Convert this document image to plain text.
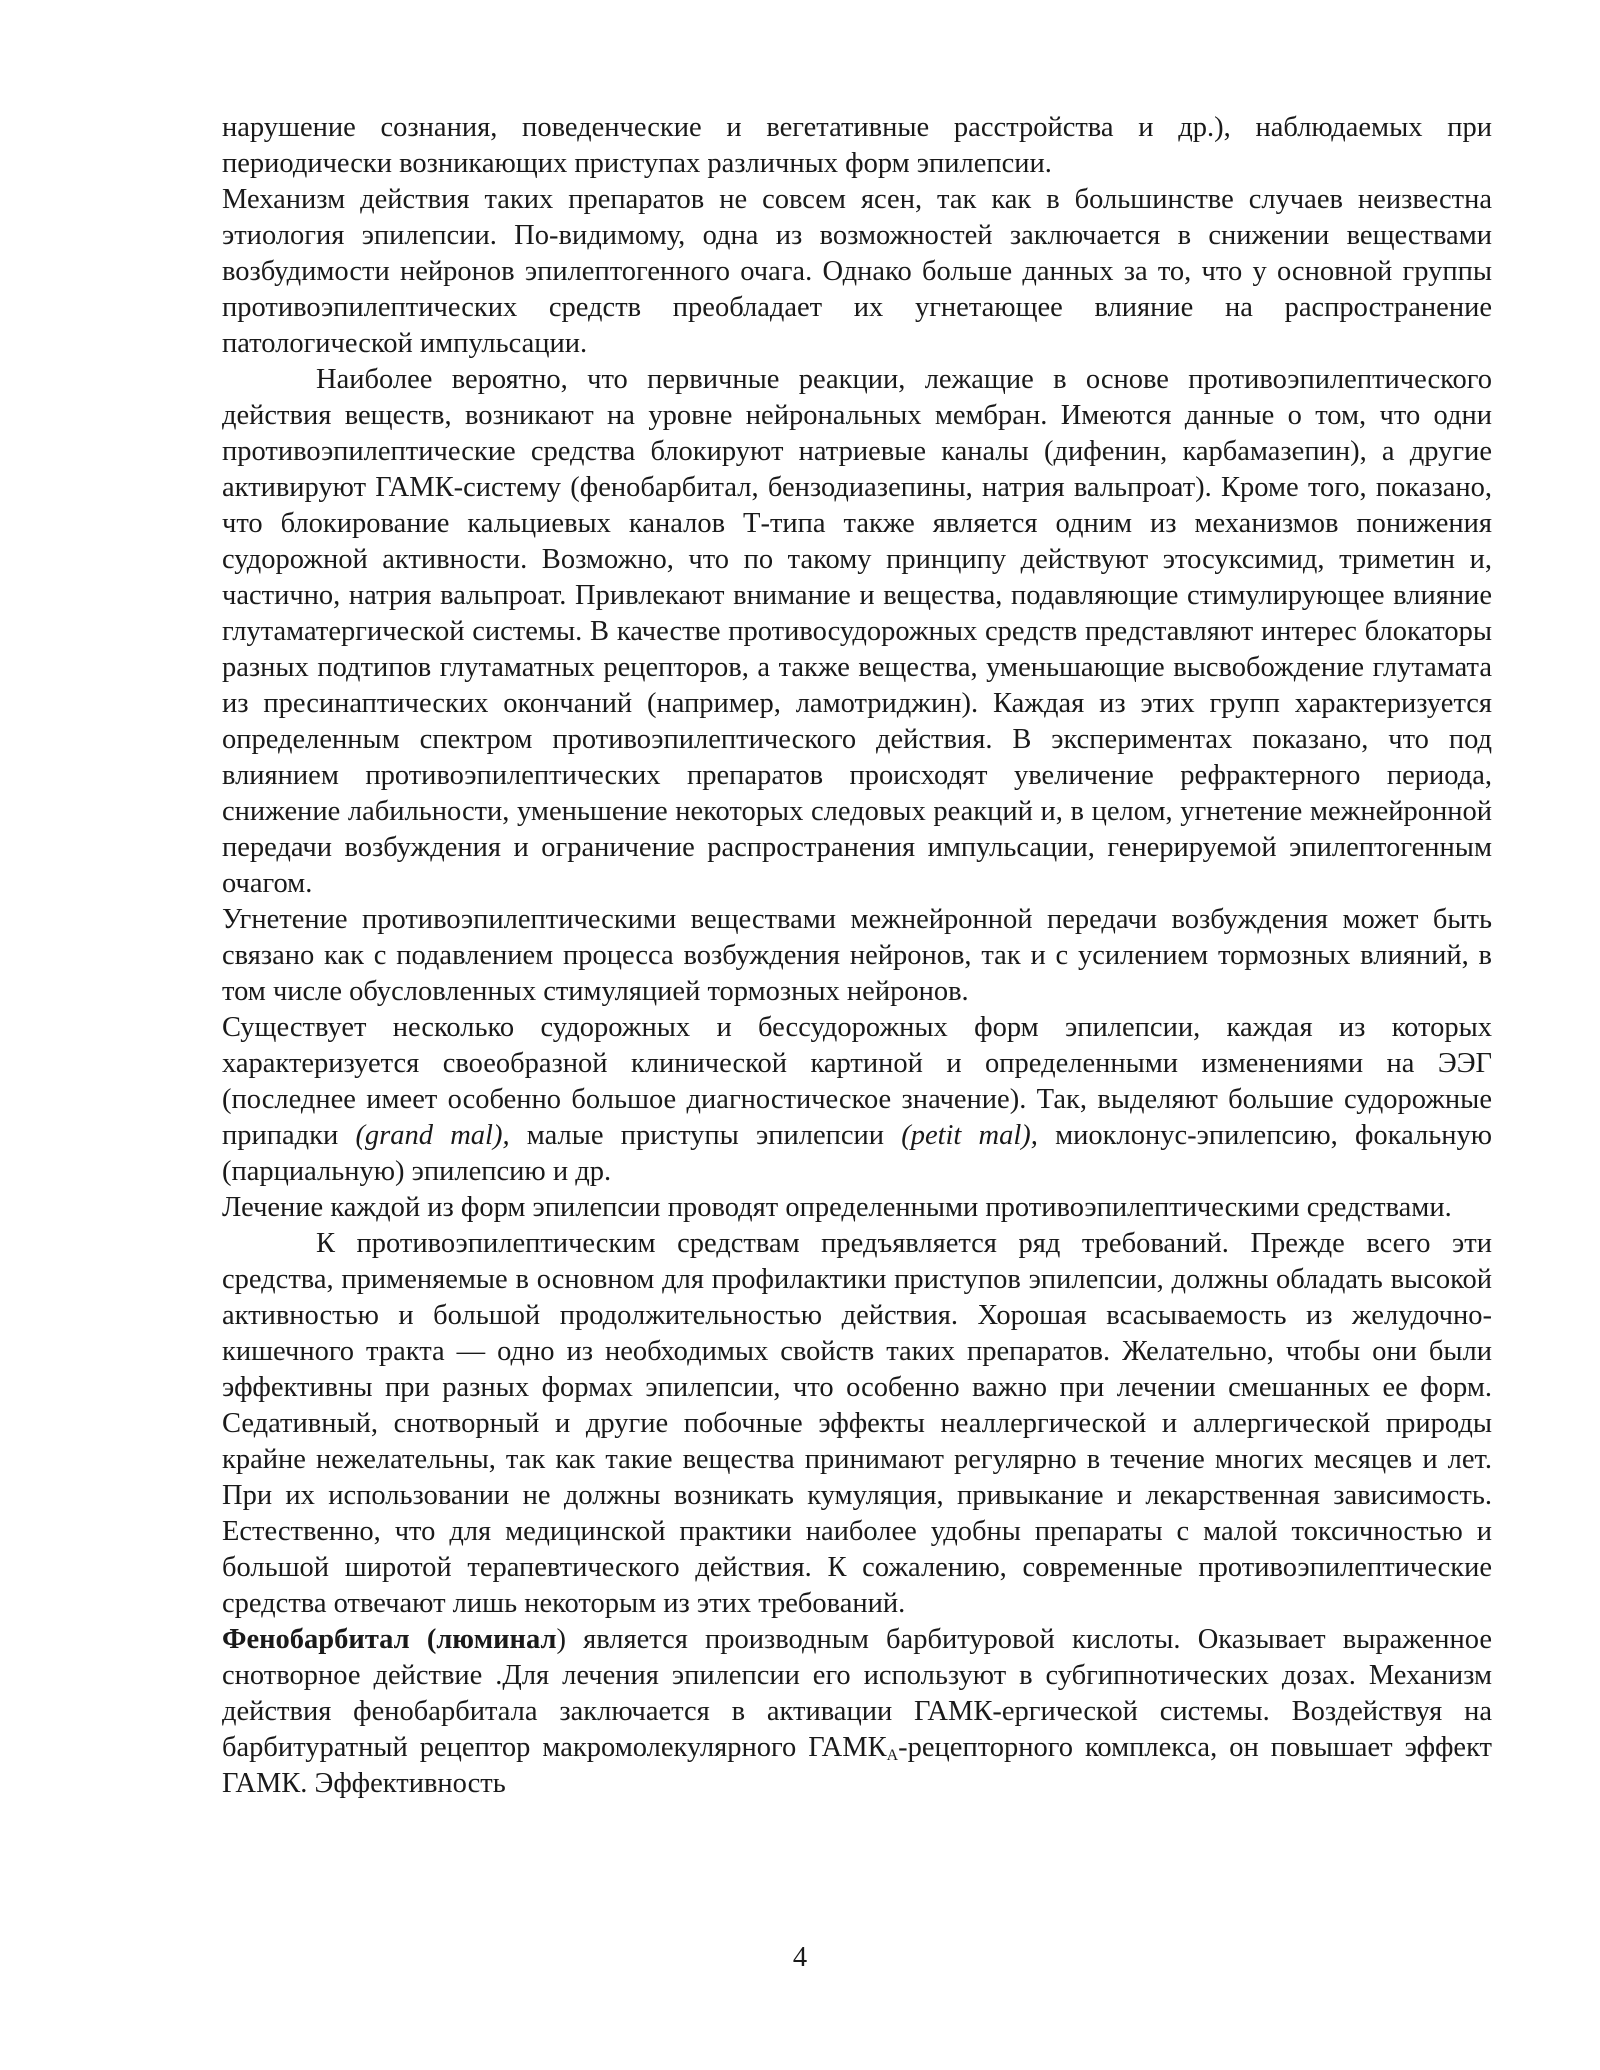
нарушение сознания, поведенческие и вегетативные расстройства и др.), наблюдаемых при периодически возникающих приступах различных форм эпилепсии.

Механизм действия таких препаратов не совсем ясен, так как в большинстве случаев неизвестна этиология эпилепсии. По-видимому, одна из возможностей заключается в снижении веществами возбудимости нейронов эпилептогенного очага. Однако больше данных за то, что у основной группы противоэпилептических средств преобладает их угнетающее влияние на распространение патологической импульсации.

Наиболее вероятно, что первичные реакции, лежащие в основе противоэпилептического действия веществ, возникают на уровне нейрональных мембран. Имеются данные о том, что одни противоэпилептические средства блокируют натриевые каналы (дифенин, карбамазепин), а другие активируют ГАМК-систему (фенобарбитал, бензодиазепины, натрия вальпроат). Кроме того, показано, что блокирование кальциевых каналов Т-типа также является одним из механизмов понижения судорожной активности. Возможно, что по такому принципу действуют этосуксимид, триметин и, частично, натрия вальпроат. Привлекают внимание и вещества, подавляющие стимулирующее влияние глутаматергической системы. В качестве противосудорожных средств представляют интерес блокаторы разных подтипов глутаматных рецепторов, а также вещества, уменьшающие высвобождение глутамата из пресинаптических окончаний (например, ламотриджин). Каждая из этих групп характеризуется определенным спектром противоэпилептического действия. В экспериментах показано, что под влиянием противоэпилептических препаратов происходят увеличение рефрактерного периода, снижение лабильности, уменьшение некоторых следовых реакций и, в целом, угнетение межнейронной передачи возбуждения и ограничение распространения импульсации, генерируемой эпилептогенным очагом.

Угнетение противоэпилептическими веществами межнейронной передачи возбуждения может быть связано как с подавлением процесса возбуждения нейронов, так и с усилением тормозных влияний, в том числе обусловленных стимуляцией тормозных нейронов.

Существует несколько судорожных и бессудорожных форм эпилепсии, каждая из которых характеризуется своеобразной клинической картиной и определенными изменениями на ЭЭГ (последнее имеет особенно большое диагностическое значение). Так, выделяют большие судорожные припадки (grand mal), малые приступы эпилепсии (petit mal), миоклонус-эпилепсию, фокальную (парциальную) эпилепсию и др.

Лечение каждой из форм эпилепсии проводят определенными противоэпилептическими средствами.

К противоэпилептическим средствам предъявляется ряд требований. Прежде всего эти средства, применяемые в основном для профилактики приступов эпилепсии, должны обладать высокой активностью и большой продолжительностью действия. Хорошая всасываемость из желудочно-кишечного тракта — одно из необходимых свойств таких препаратов. Желательно, чтобы они были эффективны при разных формах эпилепсии, что особенно важно при лечении смешанных ее форм. Седативный, снотворный и другие побочные эффекты неаллергической и аллергической природы крайне нежелательны, так как такие вещества принимают регулярно в течение многих месяцев и лет. При их использовании не должны возникать кумуляция, привыкание и лекарственная зависимость. Естественно, что для медицинской практики наиболее удобны препараты с малой токсичностью и большой широтой терапевтического действия. К сожалению, современные противоэпилептические средства отвечают лишь некоторым из этих требований.

Фенобарбитал (люминал) является производным барбитуровой кислоты. Оказывает выраженное снотворное действие .Для лечения эпилепсии его используют в субгипнотических дозах. Механизм действия фенобарбитала заключается в активации ГАМК-ергической системы. Воздействуя на барбитуратный рецептор макромолекулярного $ГАМК_А$-рецепторного комплекса, он повышает эффект ГАМК. Эффективность

4
